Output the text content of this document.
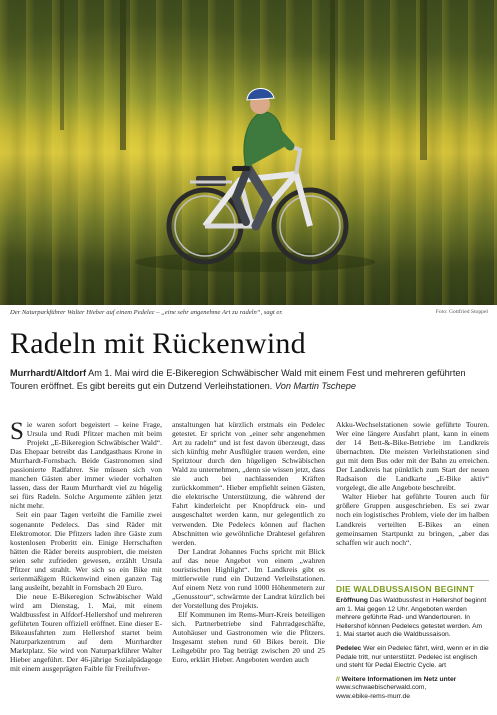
Der Naturparkführer Walter Hieber auf einem Pedelec – „eine sehr angenehme Art zu radeln“, sagt er.	Foto: Gottfried Stoppel
Radeln mit Rückenwind
Murrhardt/Altdorf Am 1. Mai wird die E-Bikeregion Schwäbischer Wald mit einem Fest und mehreren geführten Touren eröffnet. Es gibt bereits gut ein Dutzend Verleihstationen. Von Martin Tschepe

Sie waren sofort begeistert – keine Frage, Ursula und Rudi Pfitzer machen mit beim Projekt „E-Bikeregion Schwäbischer Wald“. Das Ehepaar betreibt das Landgasthaus Krone in Murrhardt-Fornsbach. Beide Gastronomen sind passionierte Radfahrer. Sie müssen sich von manchen Gästen aber immer wieder vorhalten lassen, dass der Raum Murrhardt viel zu hügelig sei fürs Radeln. Solche Argumente zählen jetzt nicht mehr.

Seit ein paar Tagen verleiht die Familie zwei sogenannte Pedelecs. Das sind Räder mit Elektromotor. Die Pfitzers laden ihre Gäste zum kostenlosen Proberitt ein. Einige Herrschaften hätten die Räder bereits ausprobiert, die meisten seien sehr zufrieden gewesen, erzählt Ursula Pfitzer und strahlt. Wer sich so ein Bike mit serienmäßigem Rückenwind einen ganzen Tag lang ausleiht, bezahlt in Fornsbach 20 Euro.

Die neue E-Bikeregion Schwäbischer Wald wird am Dienstag, 1. Mai, mit einem Waldbussfest in Alfdorf-Hellershof und mehreren geführten Touren offiziell eröffnet. Eine dieser E-Bikeausfahrten zum Hellershof startet beim Naturparkzentrum auf dem Murrhardter Marktplatz. Sie wird von Naturparkführer Walter Hieber angeführt. Der 46-jährige Sozialpädagoge mit einem ausgeprägten Faible für Freiluftver-

anstaltungen hat kürzlich erstmals ein Pedelec getestet. Er spricht von „einer sehr angenehmen Art zu radeln“ und ist fest davon überzeugt, dass sich künftig mehr Ausflügler trauen werden, eine Spritztour durch den hügeligen Schwäbischen Wald zu unternehmen, „denn sie wissen jetzt, dass sie auch bei nachlassenden Kräften zurückkommen“. Hieber empfiehlt seinen Gästen, die elektrische Unterstützung, die während der Fahrt kinderleicht per Knopfdruck ein- und ausgeschaltet werden kann, nur gelegentlich zu verwenden. Die Pedelecs können auf flachen Abschnitten wie gewöhnliche Drahtesel gefahren werden.

Der Landrat Johannes Fuchs spricht mit Blick auf das neue Angebot von einem „wahren touristischen Highlight“. Im Landkreis gibt es mittlerweile rund ein Dutzend Verleihstationen. Auf einem Netz von rund 1000 Höhenmetern zur „Genusstour“, schwärmte der Landrat kürzlich bei der Vorstellung des Projekts.

Elf Kommunen im Rems-Murr-Kreis beteiligen sich. Partnerbetriebe sind Fahrradgeschäfte, Autohäuser und Gastronomen wie die Pfitzers. Insgesamt stehen rund 60 Bikes bereit. Die Leihgebühr pro Tag beträgt zwischen 20 und 25 Euro, erklärt Hieber. Angeboten werden auch

Akku-Wechselstationen sowie geführte Touren. Wer eine längere Ausfahrt plant, kann in einem der 14 Bett-&-Bike-Betriebe im Landkreis übernachten. Die meisten Verleihstationen sind gut mit dem Bus oder mit der Bahn zu erreichen. Der Landkreis hat pünktlich zum Start der neuen Radsaison die Landkarte „E-Bike aktiv“ vorgelegt, die alle Angebote beschreibt.

Walter Hieber hat geführte Touren auch für größere Gruppen ausgeschrieben. Es sei zwar noch ein logistisches Problem, viele der im halben Landkreis verteilten E-Bikes an einen gemeinsamen Startpunkt zu bringen, „aber das schaffen wir auch noch“.

DIE WALDBUSSAISON BEGINNT

Eröffnung Das Waldbussfest in Hellershof beginnt am 1. Mai gegen 12 Uhr. Angeboten werden mehrere geführte Rad- und Wandertouren. In Hellershof können Pedelecs getestet werden. Am 1. Mai startet auch die Waldbussaison.

Pedelec Wer ein Pedelec fährt, wird, wenn er in die Pedale tritt, nur unterstützt. Pedelec ist englisch und steht für Pedal Electric Cycle. art

// Weitere Informationen im Netz unter
www.schwaebischerwald.com,
www.ebike-rems-murr.de
